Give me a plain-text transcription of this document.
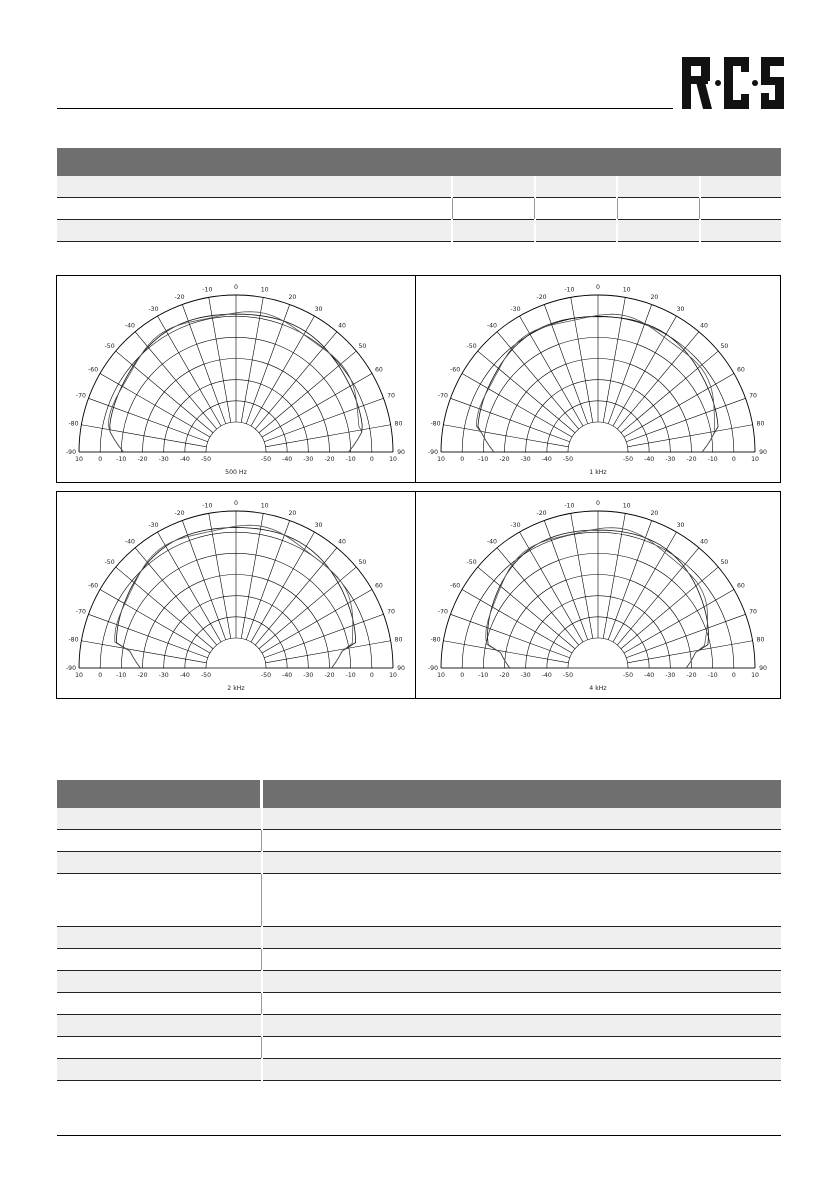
0
-10
-20
-30
-40
-50
-60
-70
-80
-90
10
20
30
40
50
60
70
80
90
10	10
0	0
-10	-10
-20	-20
-30	-30
-40	-40
-50	-50
500 Hz
0
-10
-20
-30
-40
-50
-60
-70
-80
-90
10
20
30
40
50
60
70
80
90
10	10
0	0
-10	-10
-20	-20
-30	-30
-40	-40
-50	-50
1 kHz
0
-10
-20
-30
-40
-50
-60
-70
-80
-90
10
20
30
40
50
60
70
80
90
10	10
0	0
-10	-10
-20	-20
-30	-30
-40	-40
-50	-50
2 kHz
0
-10
-20
-30
-40
-50
-60
-70
-80
-90
10
20
30
40
50
60
70
80
90
10	10
0	0
-10	-10
-20	-20
-30	-30
-40	-40
-50	-50
4 kHz
